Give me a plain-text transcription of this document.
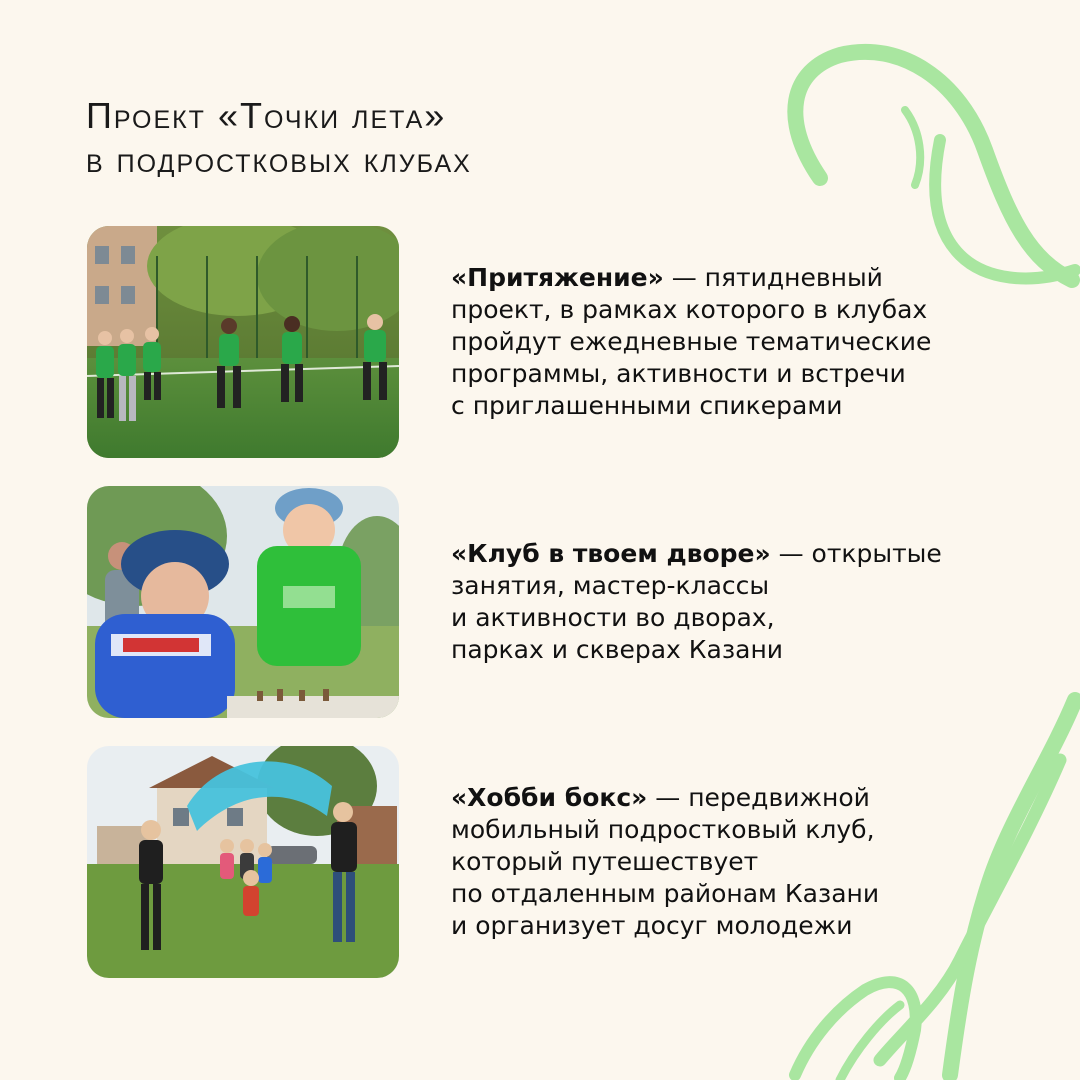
Проект «Точки лета»
в подростковых клубах

«Притяжение» — пятидневный
проект, в рамках которого в клубах
пройдут ежедневные тематические
программы, активности и встречи
с приглашенными спикерами

«Клуб в твоем дворе» — открытые
занятия, мастер-классы
и активности во дворах,
парках и скверах Казани

«Хобби бокс» — передвижной
мобильный подростковый клуб,
который путешествует
по отдаленным районам Казани
и организует досуг молодежи
